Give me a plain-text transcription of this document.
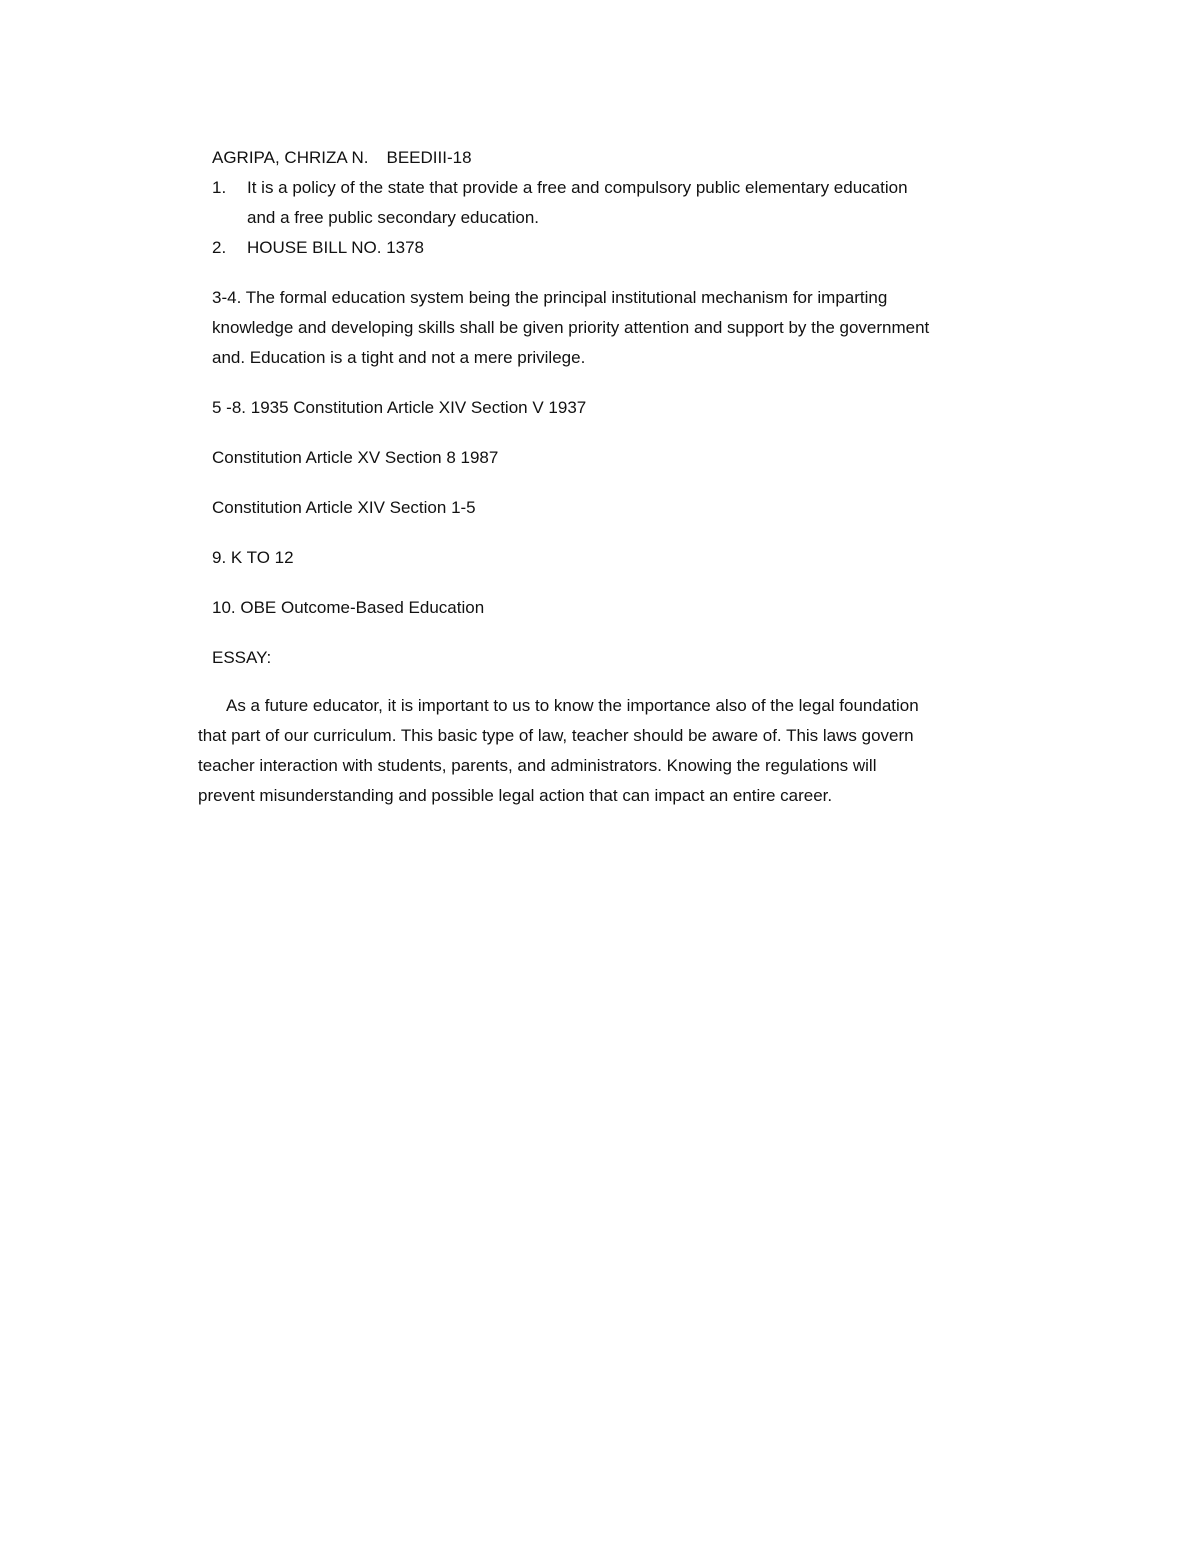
AGRIPA, CHRIZA N. BEEDIII-18
1. It is a policy of the state that provide a free and compulsory public elementary education
and a free public secondary education.
2. HOUSE BILL NO. 1378
3-4. The formal education system being the principal institutional mechanism for imparting
knowledge and developing skills shall be given priority attention and support by the government
and. Education is a tight and not a mere privilege.
5 -8. 1935 Constitution Article XIV Section V 1937
Constitution Article XV Section 8 1987
Constitution Article XIV Section 1-5
9. K TO 12
10. OBE Outcome-Based Education
ESSAY:
As a future educator, it is important to us to know the importance also of the legal foundation
that part of our curriculum. This basic type of law, teacher should be aware of. This laws govern
teacher interaction with students, parents, and administrators. Knowing the regulations will
prevent misunderstanding and possible legal action that can impact an entire career.
